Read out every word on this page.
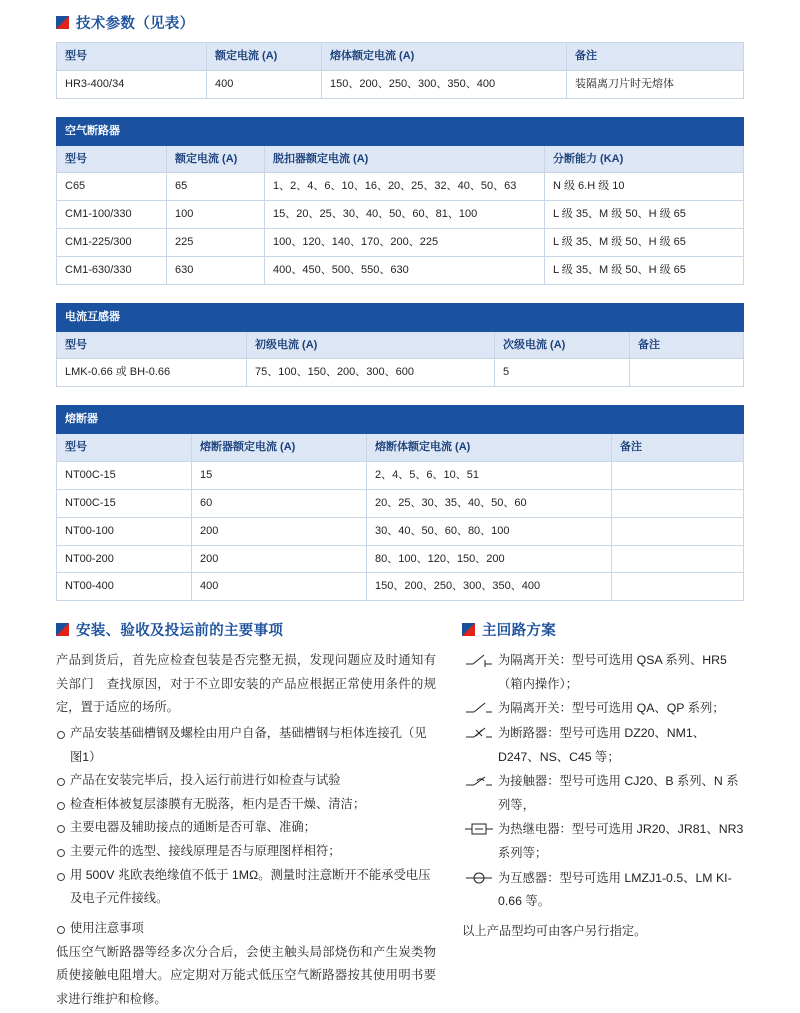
技术参数（见表）
型号	额定电流 (A)	熔体额定电流 (A)	备注
HR3-400/34	400	150、200、250、300、350、400	装隔离刀片时无熔体
空气断路器			
型号	额定电流 (A)	脱扣器额定电流 (A)	分断能力 (KA)
C65	65	1、2、4、6、10、16、20、25、32、40、50、63	N 级 6.H 级 10
CM1-100/330	100	15、20、25、30、40、50、60、81、100	L 级 35、M 级 50、H 级 65
CM1-225/300	225	100、120、140、170、200、225	L 级 35、M 级 50、H 级 65
CM1-630/330	630	400、450、500、550、630	L 级 35、M 级 50、H 级 65
电流互感器			
型号	初级电流 (A)	次级电流 (A)	备注
LMK-0.66 或 BH-0.66	75、100、150、200、300、600	5	
熔断器			
型号	熔断器额定电流 (A)	熔断体额定电流 (A)	备注
NT00C-15	15	2、4、5、6、10、51	
NT00C-15	60	20、25、30、35、40、50、60	
NT00-100	200	30、40、50、60、80、100	
NT00-200	200	80、100、120、150、200	
NT00-400	400	150、200、250、300、350、400	
安装、验收及投运前的主要事项

产品到货后，首先应检查包装是否完整无损，发现问题应及时通知有关部门　查找原因，对于不立即安装的产品应根据正常使用条件的规定，置于适应的场所。

产品安装基础槽钢及螺栓由用户自备，基础槽钢与柜体连接孔（见图1）
产品在安装完毕后，投入运行前进行如检查与试验
检查柜体被复层漆膜有无脱落，柜内是否干燥、清洁；
主要电器及辅助接点的通断是否可靠、准确；
主要元件的选型、接线原理是否与原理图样相符；
用 500V 兆欧表绝缘值不低于 1MΩ。测量时注意断开不能承受电压及电子元件接线。
使用注意事项

低压空气断路器等经多次分合后，会使主触头局部烧伤和产生炭类物质使接触电阻增大。应定期对万能式低压空气断路器按其使用明书要求进行维护和检修。

主回路方案
为隔离开关：型号可选用 QSA 系列、HR5（箱内操作）；
为隔离开关：型号可选用 QA、QP 系列；
为断路器：型号可选用 DZ20、NM1、D247、NS、C45 等；
为接触器：型号可选用 CJ20、B 系列、N 系列等，
为热继电器：型号可选用 JR20、JR81、NR3 系列等；
为互感器：型号可选用 LMZJ1-0.5、LM KI-0.66 等。

以上产品型均可由客户另行指定。
